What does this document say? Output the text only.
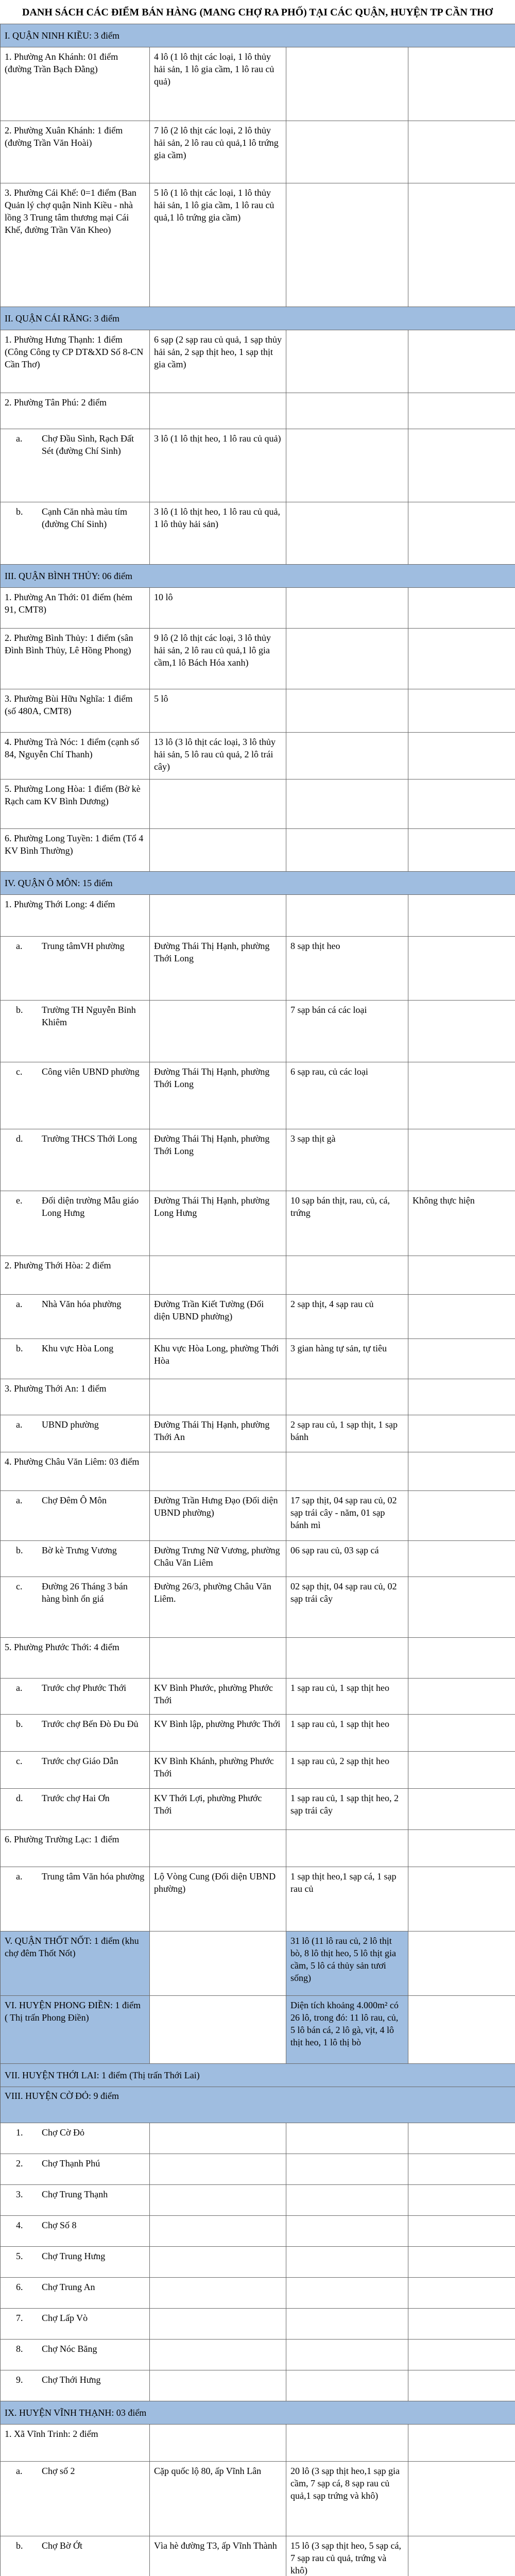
DANH SÁCH CÁC ĐIỂM BÁN HÀNG (MANG CHỢ RA PHỐ) TẠI CÁC QUẬN, HUYỆN TP CẦN THƠ
I. QUẬN NINH KIỀU: 3 điểm			
1. Phường An Khánh: 01 điểm (đường Trần Bạch Đằng)	4 lô (1 lô thịt các loại, 1 lô thủy hải sản, 1 lô gia cầm, 1 lô rau củ quả)		
2. Phường Xuân Khánh: 1 điểm (đường Trần Văn Hoài)	7 lô (2 lô thịt các loại, 2 lô thủy hải sản, 2 lô rau củ quả,1 lô trứng gia cầm)		
3. Phường Cái Khế: 0=1 điểm (Ban Quản lý chợ quận Ninh Kiều - nhà lồng 3 Trung tâm thương mại Cái Khế, đường Trần Văn Kheo)	5 lô (1 lô thịt các loại, 1 lô thủy hải sản, 1 lô gia cầm, 1 lô rau củ quả,1 lô trứng gia cầm)		
II. QUẬN CÁI RĂNG: 3 điểm			
1. Phường Hưng Thạnh: 1 điểm (Công Công ty CP DT&XD Số 8-CN Cần Thơ)	6 sạp (2 sạp rau củ quả, 1 sạp thủy hải sản, 2 sạp thịt heo, 1 sạp thịt gia cầm)		
2. Phường Tân Phú: 2 điểm			

a. Chợ Đầu Sình, Rạch Đất Sét (đường Chí Sinh)	3 lô (1 lô thịt heo, 1 lô rau củ quả)		

b. Cạnh Căn nhà màu tím (đường Chí Sinh)	3 lô (1 lô thịt heo, 1 lô rau củ quả, 1 lô thủy hải sản)		
III. QUẬN BÌNH THỦY: 06 điểm			
1. Phường An Thới: 01 điểm (hẻm 91, CMT8)	10 lô		
2. Phường Bình Thủy: 1 điểm (sân Đình Bình Thủy, Lê Hồng Phong)	9 lô (2 lô thịt các loại, 3 lô thủy hải sản, 2 lô rau củ quả,1 lô gia cầm,1 lô Bách Hóa xanh)		
3. Phường Bùi Hữu Nghĩa: 1 điểm (số 480A, CMT8)	5 lô		
4. Phường Trà Nóc: 1 điểm (cạnh số 84, Nguyễn Chí Thanh)	13 lô (3 lô thịt các loại, 3 lô thủy hải sản, 5 lô rau củ quả, 2 lô trái cây)		
5. Phường Long Hòa: 1 điểm (Bờ kè Rạch cam KV Bình Dương)			
6. Phường Long Tuyền: 1 điểm (Tổ 4 KV Bình Thường)			
IV. QUẬN Ô MÔN: 15 điểm			
1. Phường Thới Long: 4 điểm			

a. Trung tâmVH phường	Đường Thái Thị Hạnh, phường Thới Long	8 sạp thịt heo	

b. Trường TH Nguyễn Bỉnh Khiêm		7 sạp bán cá các loại	

c. Công viên UBND phường	Đường Thái Thị Hạnh, phường Thới Long	6 sạp rau, củ các loại	

d. Trường THCS Thới Long	Đường Thái Thị Hạnh, phường Thới Long	3 sạp thịt gà	

e. Đối diện trường Mẫu giáo Long Hưng	Đường Thái Thị Hạnh, phường Long Hưng	10 sạp bán thịt, rau, củ, cá, trứng	Không thực hiện
2. Phường Thới Hòa: 2 điểm			

a. Nhà Văn hóa phường	Đường Trần Kiết Tường (Đối diện UBND phường)	2 sạp thịt, 4 sạp rau củ	

b. Khu vực Hòa Long	Khu vực Hòa Long, phường Thới Hòa	3 gian hàng tự sản, tự tiêu	
3. Phường Thới An: 1 điểm			

a. UBND phường	Đường Thái Thị Hạnh, phường Thới An	2 sạp rau củ, 1 sạp thịt, 1 sạp bánh	
4. Phường Châu Văn Liêm: 03 điểm			

a. Chợ Đêm Ô Môn	Đường Trần Hưng Đạo (Đối diện UBND phường)	17 sạp thịt, 04 sạp rau củ, 02 sạp trái cây - năm, 01 sạp bánh mì	

b. Bờ kè Trưng Vương	Đường Trưng Nữ Vương, phường Châu Văn Liêm	06 sạp rau củ, 03 sạp cá	

c. Đường 26 Tháng 3 bán hàng bình ổn giá	Đường 26/3, phường Châu Văn Liêm.	02 sạp thịt, 04 sạp rau củ, 02 sạp trái cây	
5. Phường Phước Thới: 4 điểm			

a. Trước chợ Phước Thới	KV Bình Phước, phường Phước Thới	1 sạp rau củ, 1 sạp thịt heo	

b. Trước chợ Bến Đò Đu Đủ	KV Bình lập, phường Phước Thới	1 sạp rau củ, 1 sạp thịt heo	

c. Trước chợ Giáo Dẫn	KV Bình Khánh, phường Phước Thới	1 sạp rau củ, 2 sạp thịt heo	

d. Trước chợ Hai Ơn	KV Thới Lợi, phường Phước Thới	1 sạp rau củ, 1 sạp thịt heo, 2 sạp trái cây	
6. Phường Trường Lạc: 1 điểm			

a. Trung tâm Văn hóa phường	Lộ Vòng Cung (Đối diện UBND phường)	1 sạp thịt heo,1 sạp cá, 1 sạp rau củ	
V. QUẬN THỐT NỐT: 1 điểm (khu chợ đêm Thốt Nốt)		31 lô (11 lô rau củ, 2 lô thịt bò, 8 lô thịt heo, 5 lô thịt gia cầm, 5 lô cá thủy sản tươi sống)	
VI. HUYỆN PHONG ĐIỀN: 1 điểm ( Thị trấn Phong Điền)		Diện tích khoảng 4.000m² có 26 lô, trong đó: 11 lô rau, củ, 5 lô bán cá, 2 lô gà, vịt, 4 lô thịt heo, 1 lô thị bò	
VII. HUYỆN THỚI LAI: 1 điểm (Thị trấn Thới Lai)			
VIII. HUYỆN CỜ ĐỎ: 9 điểm			

1. Chợ Cờ Đỏ			

2. Chợ Thạnh Phú			

3. Chợ Trung Thạnh			

4. Chợ Số 8			

5. Chợ Trung Hưng			

6. Chợ Trung An			

7. Chợ Lấp Vò			

8. Chợ Nóc Băng			

9. Chợ Thới Hưng			

IX. HUYỆN VĨNH THẠNH: 03 điểm			
1. Xã Vĩnh Trinh: 2 điểm			

a. Chợ số 2	Cặp quốc lộ 80, ấp Vĩnh Lân	20 lô (3 sạp thịt heo,1 sạp gia cầm, 7 sạp cá, 8 sạp rau củ quả,1 sạp trứng và khô)	

b. Chợ Bờ Ớt	Vìa hè đường T3, ấp Vĩnh Thành	15 lô (3 sạp thịt heo, 5 sạp cá, 7 sạp rau củ quả, trứng và khô)	
